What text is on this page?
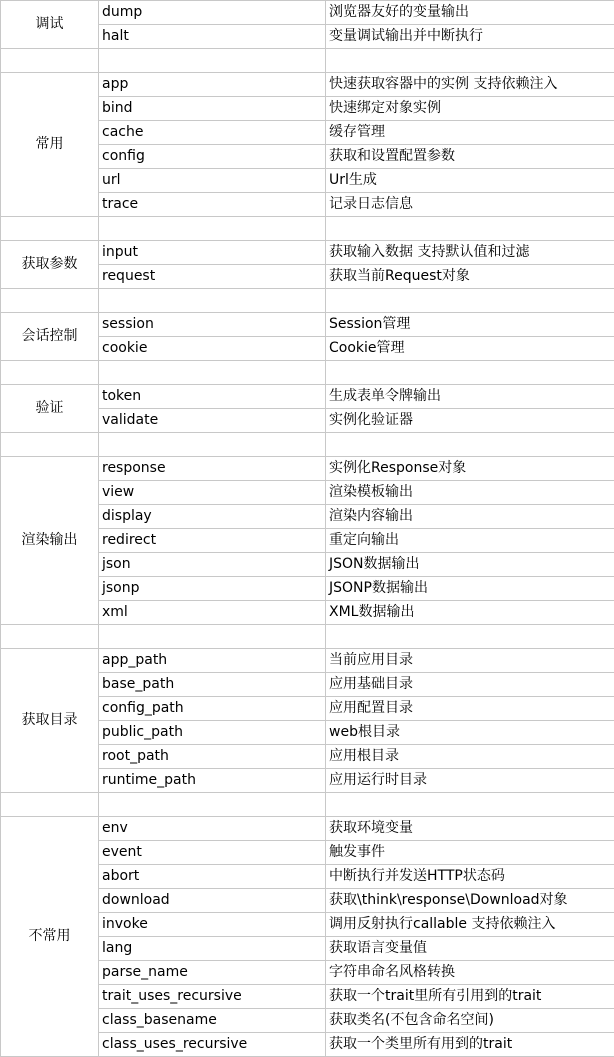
调试	dump	浏览器友好的变量输出
	halt	变量调试输出并中断执行

常用	app	快速获取容器中的实例 支持依赖注入
	bind	快速绑定对象实例
	cache	缓存管理
	config	获取和设置配置参数
	url	Url生成
	trace	记录日志信息

获取参数	input	获取输入数据 支持默认值和过滤
	request	获取当前Request对象

会话控制	session	Session管理
	cookie	Cookie管理

验证	token	生成表单令牌输出
	validate	实例化验证器

渲染输出	response	实例化Response对象
	view	渲染模板输出
	display	渲染内容输出
	redirect	重定向输出
	json	JSON数据输出
	jsonp	JSONP数据输出
	xml	XML数据输出

获取目录	app_path	当前应用目录
	base_path	应用基础目录
	config_path	应用配置目录
	public_path	web根目录
	root_path	应用根目录
	runtime_path	应用运行时目录

不常用	env	获取环境变量
	event	触发事件
	abort	中断执行并发送HTTP状态码
	download	获取\think\response\Download对象
	invoke	调用反射执行callable 支持依赖注入
	lang	获取语言变量值
	parse_name	字符串命名风格转换
	trait_uses_recursive	获取一个trait里所有引用到的trait
	class_basename	获取类名(不包含命名空间)
	class_uses_recursive	获取一个类里所有用到的trait
